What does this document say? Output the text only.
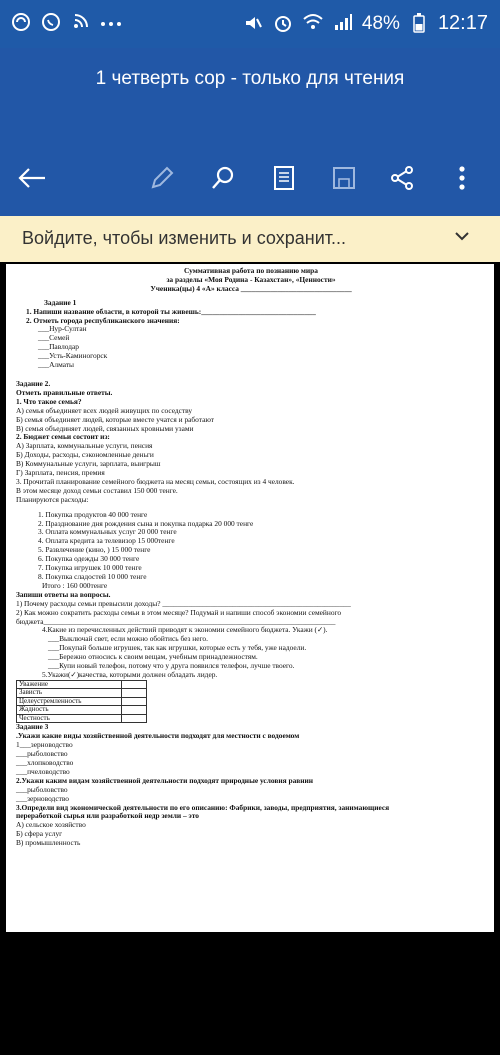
48% 12:17
1 четверть сор - только для чтения
Войдите, чтобы изменить и сохранит...
Суммативная работа по познанию мира
за разделы «Моя Родина - Казахстан», «Ценности»
Ученика(цы) 4 «А» класса ______________________________
Задание 1
1. Напиши название области, в которой ты живешь:_______________________________
2. Отметь города республиканского значения:
___Нур-Султан
___Семей
___Павлодар
___Усть-Каминогорск
___Алматы
Задание 2.
Отметь правильные ответы.
1. Что такое семья?
А) семья объединяет всех людей живущих по соседству
Б) семья объединяет людей, которые вместе учатся и работают
В) семья объединяет людей, связанных кровными узами
2. Бюджет семьи состоит из:
А) Зарплата, коммунальные услуги, пенсия
Б) Доходы, расходы, сэкономленные деньги
В) Коммунальные услуги, зарплата, выигрыш
Г) Зарплата, пенсия, премия
3. Прочитай планирование семейного бюджета на месяц семьи, состоящих из 4 человек.
В этом месяце доход семьи составил 150 000 тенге.
Планируются расходы:
1. Покупка продуктов 40 000 тенге
2. Празднование дня рождения сына и покупка подарка 20 000 тенге
3. Оплата коммунальных услуг 20 000 тенге
4. Оплата кредита за телевизор 15 000тенге
5. Развлечение (кино, ) 15 000 тенге
6. Покупка одежды 30 000 тенге
7. Покупка игрушек 10 000 тенге
8. Покупка сладостей 10 000 тенге
Итого : 160 000тенге
Запиши ответы на вопросы.
1) Почему расходы семьи превысили доходы? ___________________________________________________
2) Как можно сократить расходы семьи в этом месяце? Подумай и напиши способ экономии семейного
бюджета_______________________________________________________________________________
4.Какие из перечисленных действий приводят к экономии семейного бюджета. Укажи (✓).
___Выключай свет, если можно обойтись без него.
___Покупай больше игрушек, так как игрушки, которые есть у тебя, уже надоели.
___Бережно относись к своим вещам, учебным принадлежностям.
___Купи новый телефон, потому что у друга появился телефон, лучше твоего.
5.Укажи(✓)качества, которыми должен обладать лидер.
Уважение	
Зависть	
Целеустремленность	
Жадность	
Честность	
Задание 3
.Укажи какие виды хозяйственной деятельности подходят для местности с водоемом
1___зерноводство
___рыболовство
___хлопководство
___пчеловодство
2.Укажи каким видам хозяйственной деятельности подходят природные условия равнин
___рыболовство
___зерноводство
3.Определи вид экономической деятельности по его описанию: Фабрики, заводы, предприятия, занимающиеся
переработкой сырья или разработкой недр земли – это
А) сельское хозяйство
Б) сфера услуг
В) промышленность
